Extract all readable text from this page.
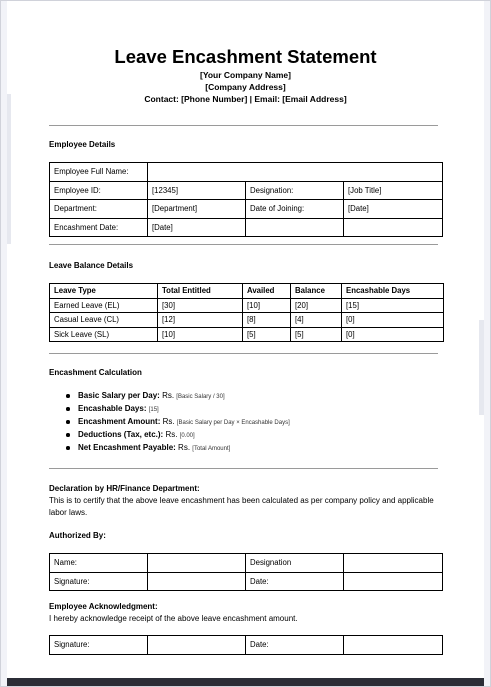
Leave Encashment Statement
[Your Company Name]
[Company Address]
Contact: [Phone Number] | Email: [Email Address]
Employee Details
Employee Full Name:			
Employee ID:	[12345]	Designation:	[Job Title]
Department:	[Department]	Date of Joining:	[Date]
Encashment Date:	[Date]		
Leave Balance Details
Leave Type	Total Entitled	Availed	Balance	Encashable Days
Earned Leave (EL)	[30]	[10]	[20]	[15]
Casual Leave (CL)	[12]	[8]	[4]	[0]
Sick Leave (SL)	[10]	[5]	[5]	[0]
Encashment Calculation
Basic Salary per Day: Rs. [Basic Salary / 30]
Encashable Days: [15]
Encashment Amount: Rs. [Basic Salary per Day × Encashable Days]
Deductions (Tax, etc.): Rs. [0.00]
Net Encashment Payable: Rs. [Total Amount]
Declaration by HR/Finance Department:
This is to certify that the above leave encashment has been calculated as per company policy and applicable labor laws.
Authorized By:
Name:		Designation	
Signature:		Date:	
Employee Acknowledgment:
I hereby acknowledge receipt of the above leave encashment amount.
Signature:		Date:	
